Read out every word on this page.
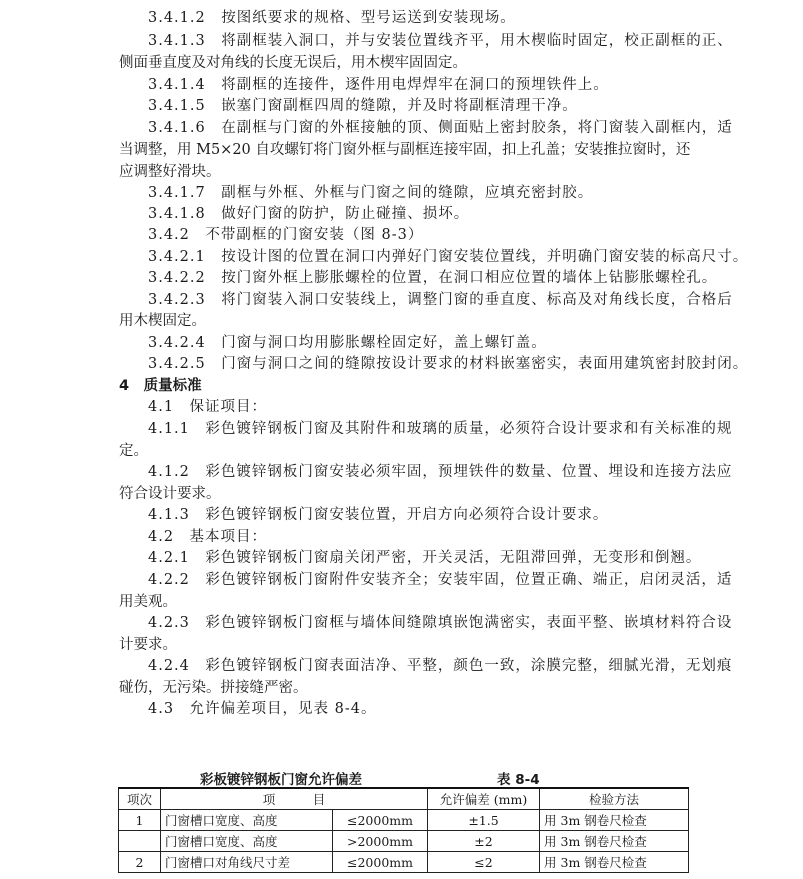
3.4.1.2　按图纸要求的规格、型号运送到安装现场。
3.4.1.3　将副框装入洞口，并与安装位置线齐平，用木楔临时固定，校正副框的正、
侧面垂直度及对角线的长度无误后，用木楔牢固固定。
3.4.1.4　将副框的连接件，逐件用电焊焊牢在洞口的预埋铁件上。
3.4.1.5　嵌塞门窗副框四周的缝隙，并及时将副框清理干净。
3.4.1.6　在副框与门窗的外框接触的顶、侧面贴上密封胶条，将门窗装入副框内，适
当调整，用 M5×20 自攻螺钉将门窗外框与副框连接牢固，扣上孔盖；安装推拉窗时，还
应调整好滑块。
3.4.1.7　副框与外框、外框与门窗之间的缝隙，应填充密封胶。
3.4.1.8　做好门窗的防护，防止碰撞、损坏。
3.4.2　不带副框的门窗安装（图 8-3）
3.4.2.1　按设计图的位置在洞口内弹好门窗安装位置线，并明确门窗安装的标高尺寸。
3.4.2.2　按门窗外框上膨胀螺栓的位置，在洞口相应位置的墙体上钻膨胀螺栓孔。
3.4.2.3　将门窗装入洞口安装线上，调整门窗的垂直度、标高及对角线长度，合格后
用木楔固定。
3.4.2.4　门窗与洞口均用膨胀螺栓固定好，盖上螺钉盖。
3.4.2.5　门窗与洞口之间的缝隙按设计要求的材料嵌塞密实，表面用建筑密封胶封闭。
4　质量标准
4.1　保证项目：
4.1.1　彩色镀锌钢板门窗及其附件和玻璃的质量，必须符合设计要求和有关标准的规
定。
4.1.2　彩色镀锌钢板门窗安装必须牢固，预埋铁件的数量、位置、埋设和连接方法应
符合设计要求。
4.1.3　彩色镀锌钢板门窗安装位置，开启方向必须符合设计要求。
4.2　基本项目：
4.2.1　彩色镀锌钢板门窗扇关闭严密，开关灵活，无阻滞回弹，无变形和倒翘。
4.2.2　彩色镀锌钢板门窗附件安装齐全；安装牢固，位置正确、端正，启闭灵活，适
用美观。
4.2.3　彩色镀锌钢板门窗框与墙体间缝隙填嵌饱满密实，表面平整、嵌填材料符合设
计要求。
4.2.4　彩色镀锌钢板门窗表面洁净、平整，颜色一致，涂膜完整，细腻光滑，无划痕
碰伤，无污染。拼接缝严密。
4.3　允许偏差项目，见表 8-4。
彩板镀锌钢板门窗允许偏差	表 8-4
项次	项　　　目		允许偏差 (mm)	检验方法
1	门窗槽口宽度、高度	≤2000mm	±1.5	用 3m 钢卷尺检查
	门窗槽口宽度、高度	>2000mm	±2	用 3m 钢卷尺检查
2	门窗槽口对角线尺寸差	≤2000mm	≤2	用 3m 钢卷尺检查
